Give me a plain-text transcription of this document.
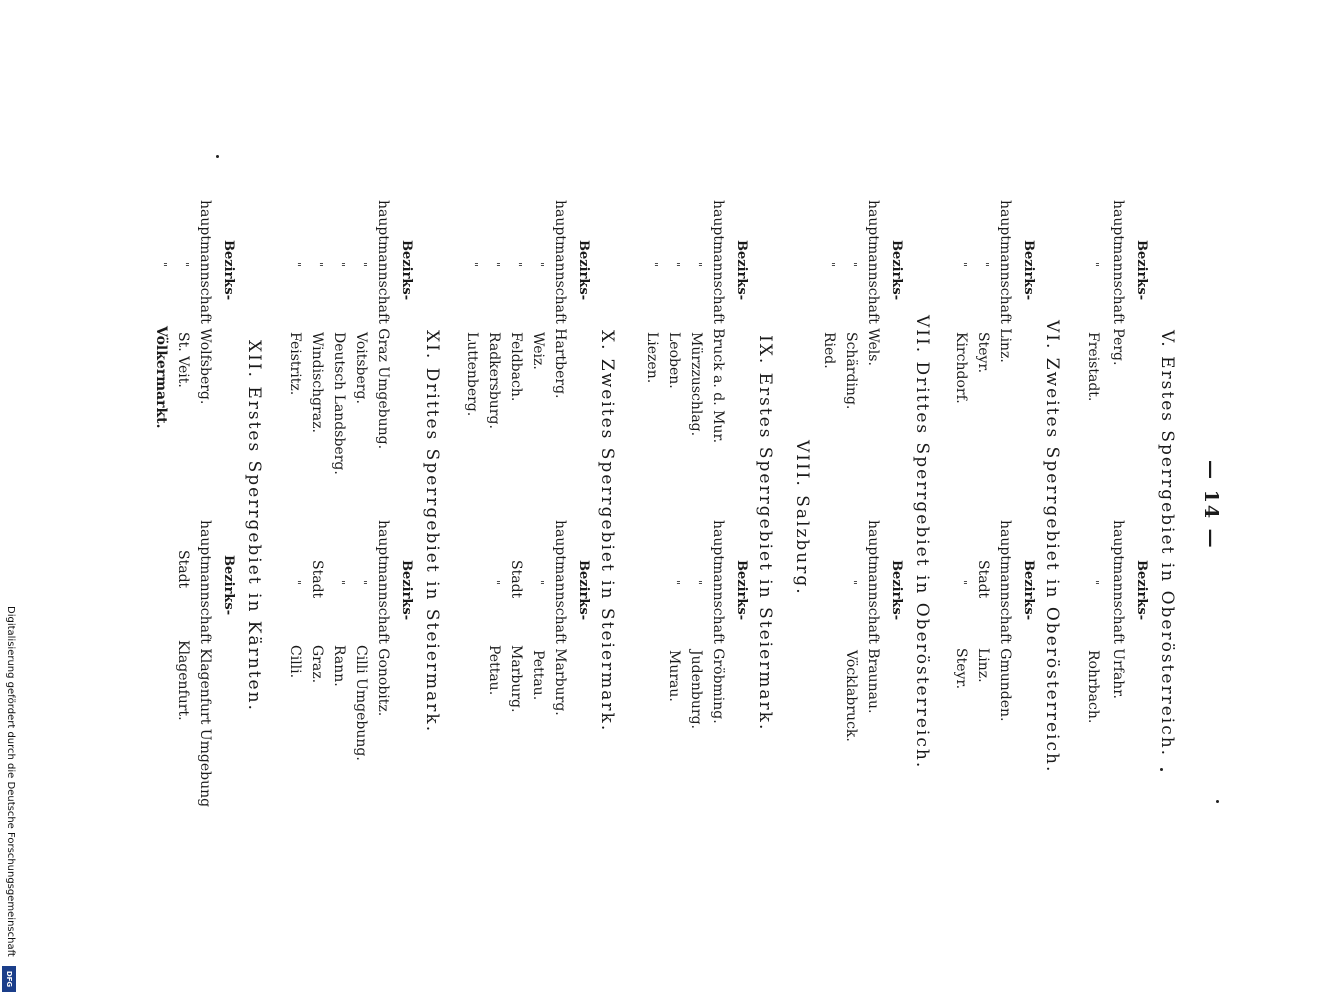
Digitalisierung gefördert durch die Deutsche Forschungsgemeinschaft
DFG
— 14 —
V. Erstes Sperrgebiet in Oberösterreich.
Bezirks-
hauptmannschaft Perg.
"
Freistadt.
Bezirks-
hauptmannschaft Urfahr.
"
Rohrbach.
VI. Zweites Sperrgebiet in Oberösterreich.
Bezirks-
hauptmannschaft Linz.
"
Steyr.
"
Kirchdorf.
Bezirks-
hauptmannschaft Gmunden.
Stadt
Linz.
"
Steyr.
VII. Drittes Sperrgebiet in Oberösterreich.
Bezirks-
hauptmannschaft Wels.
"
Schärding.
"
Ried.
Bezirks-
hauptmannschaft Braunau.
"
Vöcklabruck.
VIII. Salzburg.
IX. Erstes Sperrgebiet in Steiermark.
Bezirks-
hauptmannschaft Bruck a. d. Mur.
"
Mürzzuschlag.
"
Leoben.
"
Liezen.
Bezirks-
hauptmannschaft Gröbming.
"
Judenburg.
"
Murau.
X. Zweites Sperrgebiet in Steiermark.
Bezirks-
hauptmannschaft Hartberg.
"
Weiz.
"
Feldbach.
"
Radkersburg.
"
Luttenberg.
Bezirks-
hauptmannschaft Marburg.
"
Pettau.
Stadt
Marburg.
"
Pettau.
XI. Drittes Sperrgebiet in Steiermark.
Bezirks-
hauptmannschaft Graz Umgebung.
"
Voitsberg.
"
Deutsch Landsberg.
"
Windischgraz.
"
Feistritz.
Bezirks-
hauptmannschaft Gonobitz.
"
Cilli Umgebung.
"
Rann.
Stadt
Graz.
"
Cilli.
XII. Erstes Sperrgebiet in Kärnten.
Bezirks-
hauptmannschaft Wolfsberg.
"
St. Veit.
"
Völkermarkt.
Bezirks-
hauptmannschaft Klagenfurt Umgebung
Stadt
Klagenfurt.
